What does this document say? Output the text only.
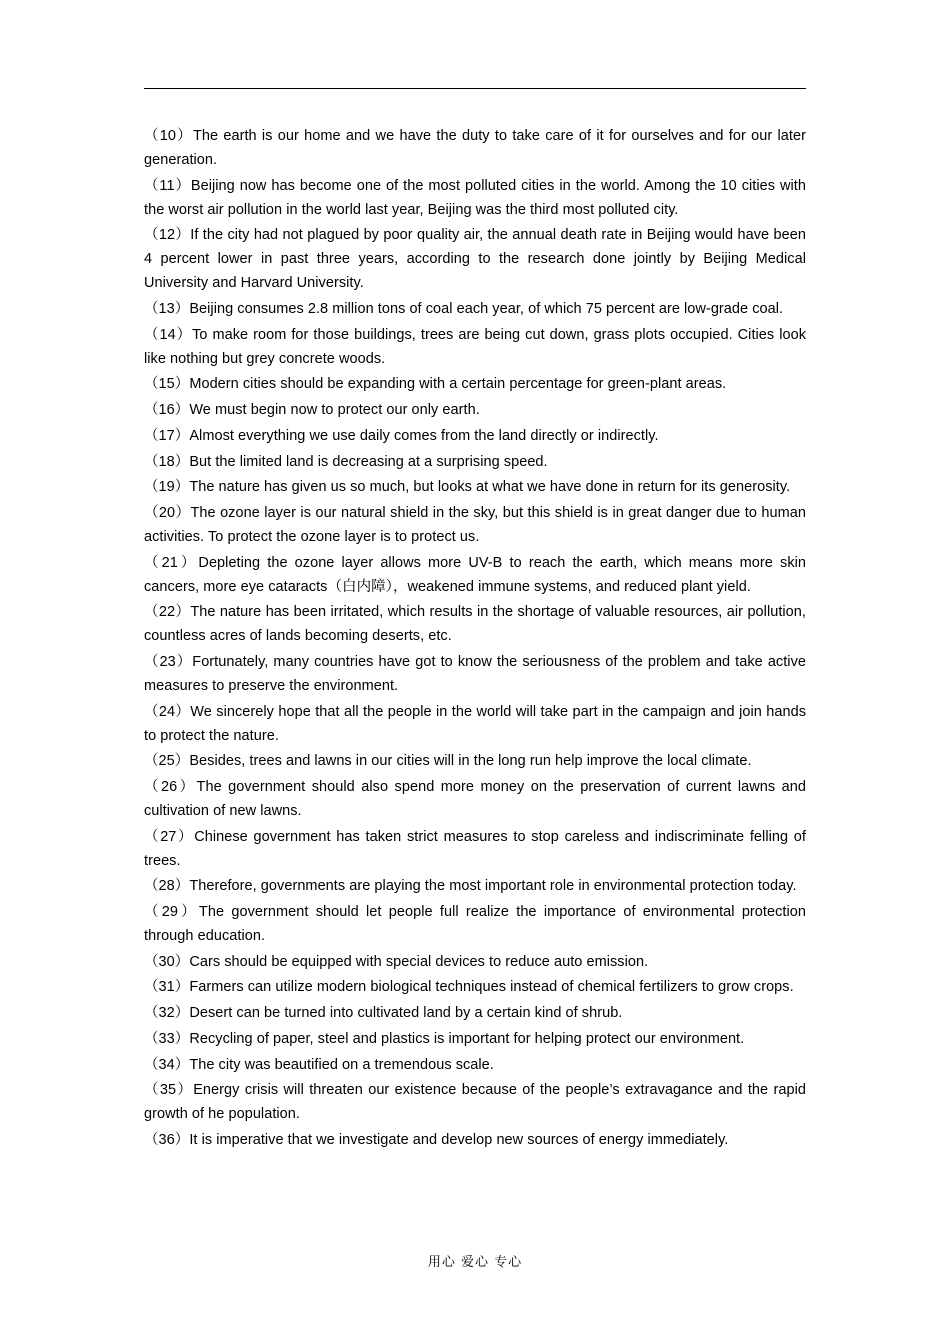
（10）The earth is our home and we have the duty to take care of it for ourselves and for our later generation.

（11）Beijing now has become one of the most polluted cities in the world. Among the 10 cities with the worst air pollution in the world last year, Beijing was the third most polluted city.

（12）If the city had not plagued by poor quality air, the annual death rate in Beijing would have been 4 percent lower in past three years, according to the research done jointly by Beijing Medical University and Harvard University.

（13）Beijing consumes 2.8 million tons of coal each year, of which 75 percent are low-grade coal.

（14）To make room for those buildings, trees are being cut down, grass plots occupied. Cities look like nothing but grey concrete woods.

（15）Modern cities should be expanding with a certain percentage for green-plant areas.

（16）We must begin now to protect our only earth.

（17）Almost everything we use daily comes from the land directly or indirectly.

（18）But the limited land is decreasing at a surprising speed.

（19）The nature has given us so much, but looks at what we have done in return for its generosity.

（20）The ozone layer is our natural shield in the sky, but this shield is in great danger due to human activities. To protect the ozone layer is to protect us.

（21）Depleting the ozone layer allows more UV-B to reach the earth, which means more skin cancers, more eye cataracts（白内障），weakened immune systems, and reduced plant yield.

（22）The nature has been irritated, which results in the shortage of valuable resources, air pollution, countless acres of lands becoming deserts, etc.

（23）Fortunately, many countries have got to know the seriousness of the problem and take active measures to preserve the environment.

（24）We sincerely hope that all the people in the world will take part in the campaign and join hands to protect the nature.

（25）Besides, trees and lawns in our cities will in the long run help improve the local climate.

（26）The government should also spend more money on the preservation of current lawns and cultivation of new lawns.

（27）Chinese government has taken strict measures to stop careless and indiscriminate felling of trees.

（28）Therefore, governments are playing the most important role in environmental protection today.

（29）The government should let people full realize the importance of environmental protection through education.

（30）Cars should be equipped with special devices to reduce auto emission.

（31）Farmers can utilize modern biological techniques instead of chemical fertilizers to grow crops.

（32）Desert can be turned into cultivated land by a certain kind of shrub.

（33）Recycling of paper, steel and plastics is important for helping protect our environment.

（34）The city was beautified on a tremendous scale.

（35）Energy crisis will threaten our existence because of the people’s extravagance and the rapid growth of he population.

（36）It is imperative that we investigate and develop new sources of energy immediately.

用心 爱心 专心
